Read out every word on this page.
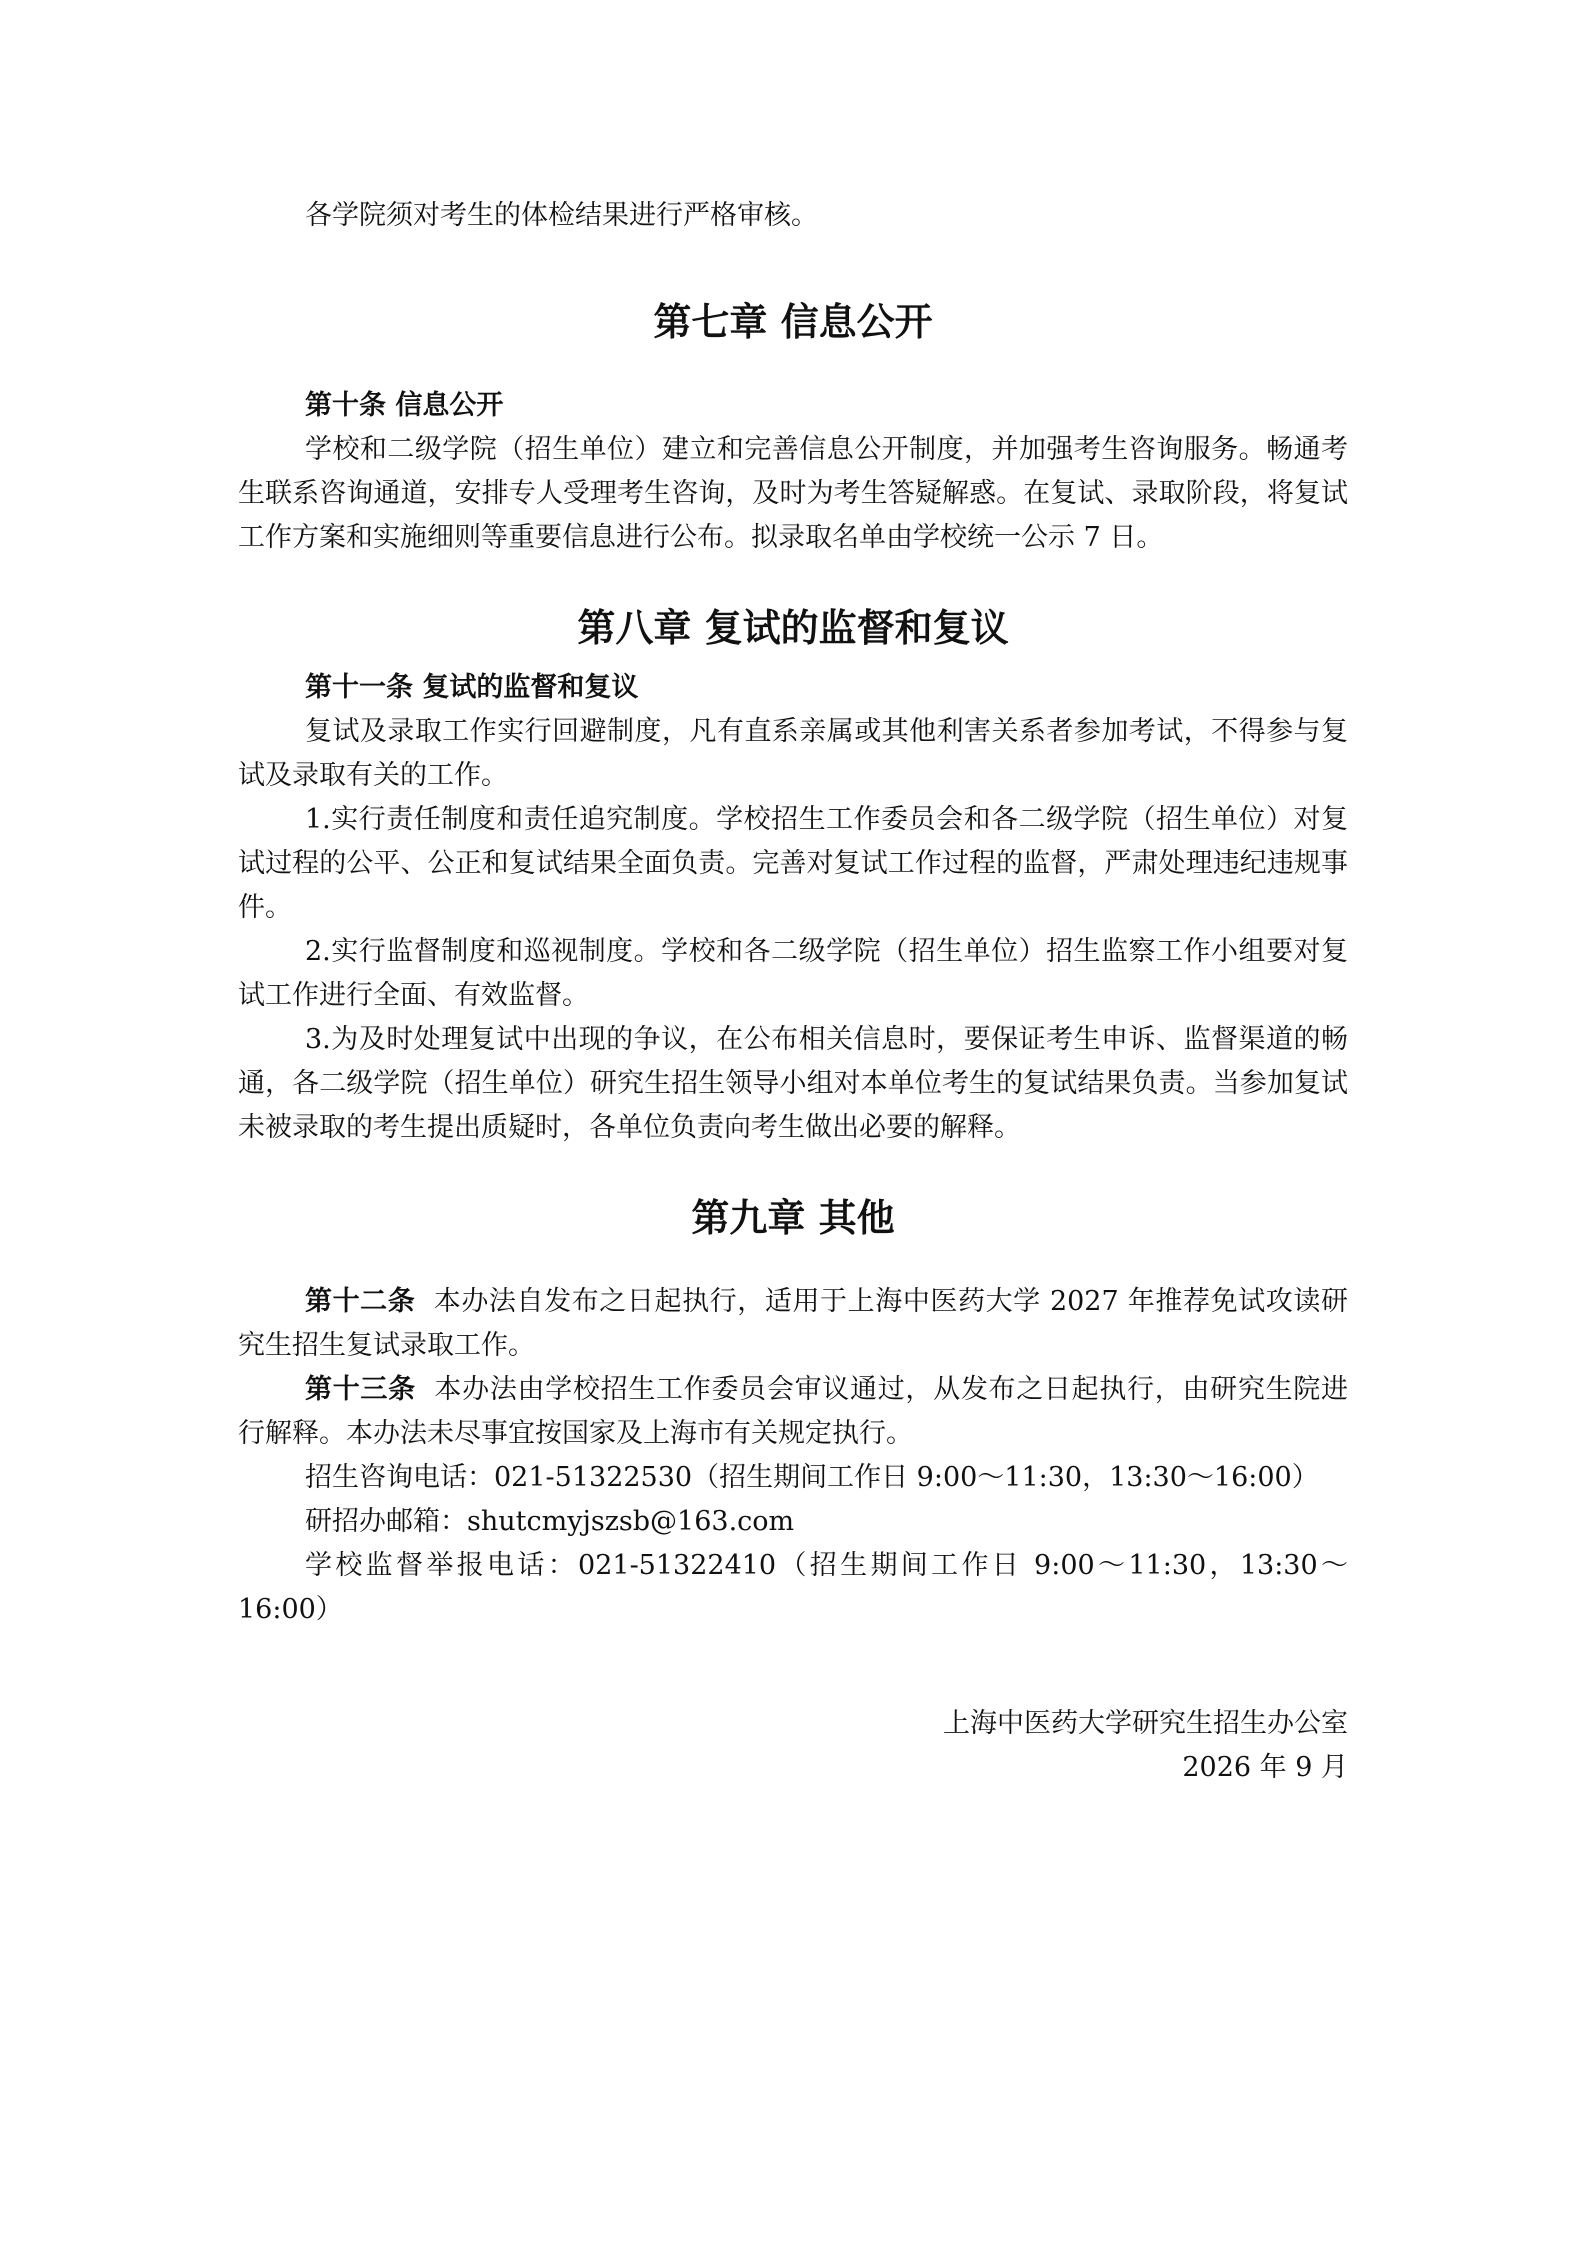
各学院须对考生的体检结果进行严格审核。

第七章 信息公开

第十条 信息公开

学校和二级学院（招生单位）建立和完善信息公开制度，并加强考生咨询服务。畅通考生联系咨询通道，安排专人受理考生咨询，及时为考生答疑解惑。在复试、录取阶段，将复试工作方案和实施细则等重要信息进行公布。拟录取名单由学校统一公示 7 日。

第八章 复试的监督和复议

第十一条 复试的监督和复议

复试及录取工作实行回避制度，凡有直系亲属或其他利害关系者参加考试，不得参与复试及录取有关的工作。

1.实行责任制度和责任追究制度。学校招生工作委员会和各二级学院（招生单位）对复试过程的公平、公正和复试结果全面负责。完善对复试工作过程的监督，严肃处理违纪违规事件。

2.实行监督制度和巡视制度。学校和各二级学院（招生单位）招生监察工作小组要对复试工作进行全面、有效监督。

3.为及时处理复试中出现的争议，在公布相关信息时，要保证考生申诉、监督渠道的畅通，各二级学院（招生单位）研究生招生领导小组对本单位考生的复试结果负责。当参加复试未被录取的考生提出质疑时，各单位负责向考生做出必要的解释。

第九章 其他

第十二条 本办法自发布之日起执行，适用于上海中医药大学 2027 年推荐免试攻读研究生招生复试录取工作。

第十三条 本办法由学校招生工作委员会审议通过，从发布之日起执行，由研究生院进行解释。本办法未尽事宜按国家及上海市有关规定执行。

招生咨询电话：021-51322530（招生期间工作日 9:00～11:30，13:30～16:00）

研招办邮箱：shutcmyjszsb@163.com

学校监督举报电话：021-51322410（招生期间工作日 9:00～11:30，13:30～16:00）

上海中医药大学研究生招生办公室

2026 年 9 月
